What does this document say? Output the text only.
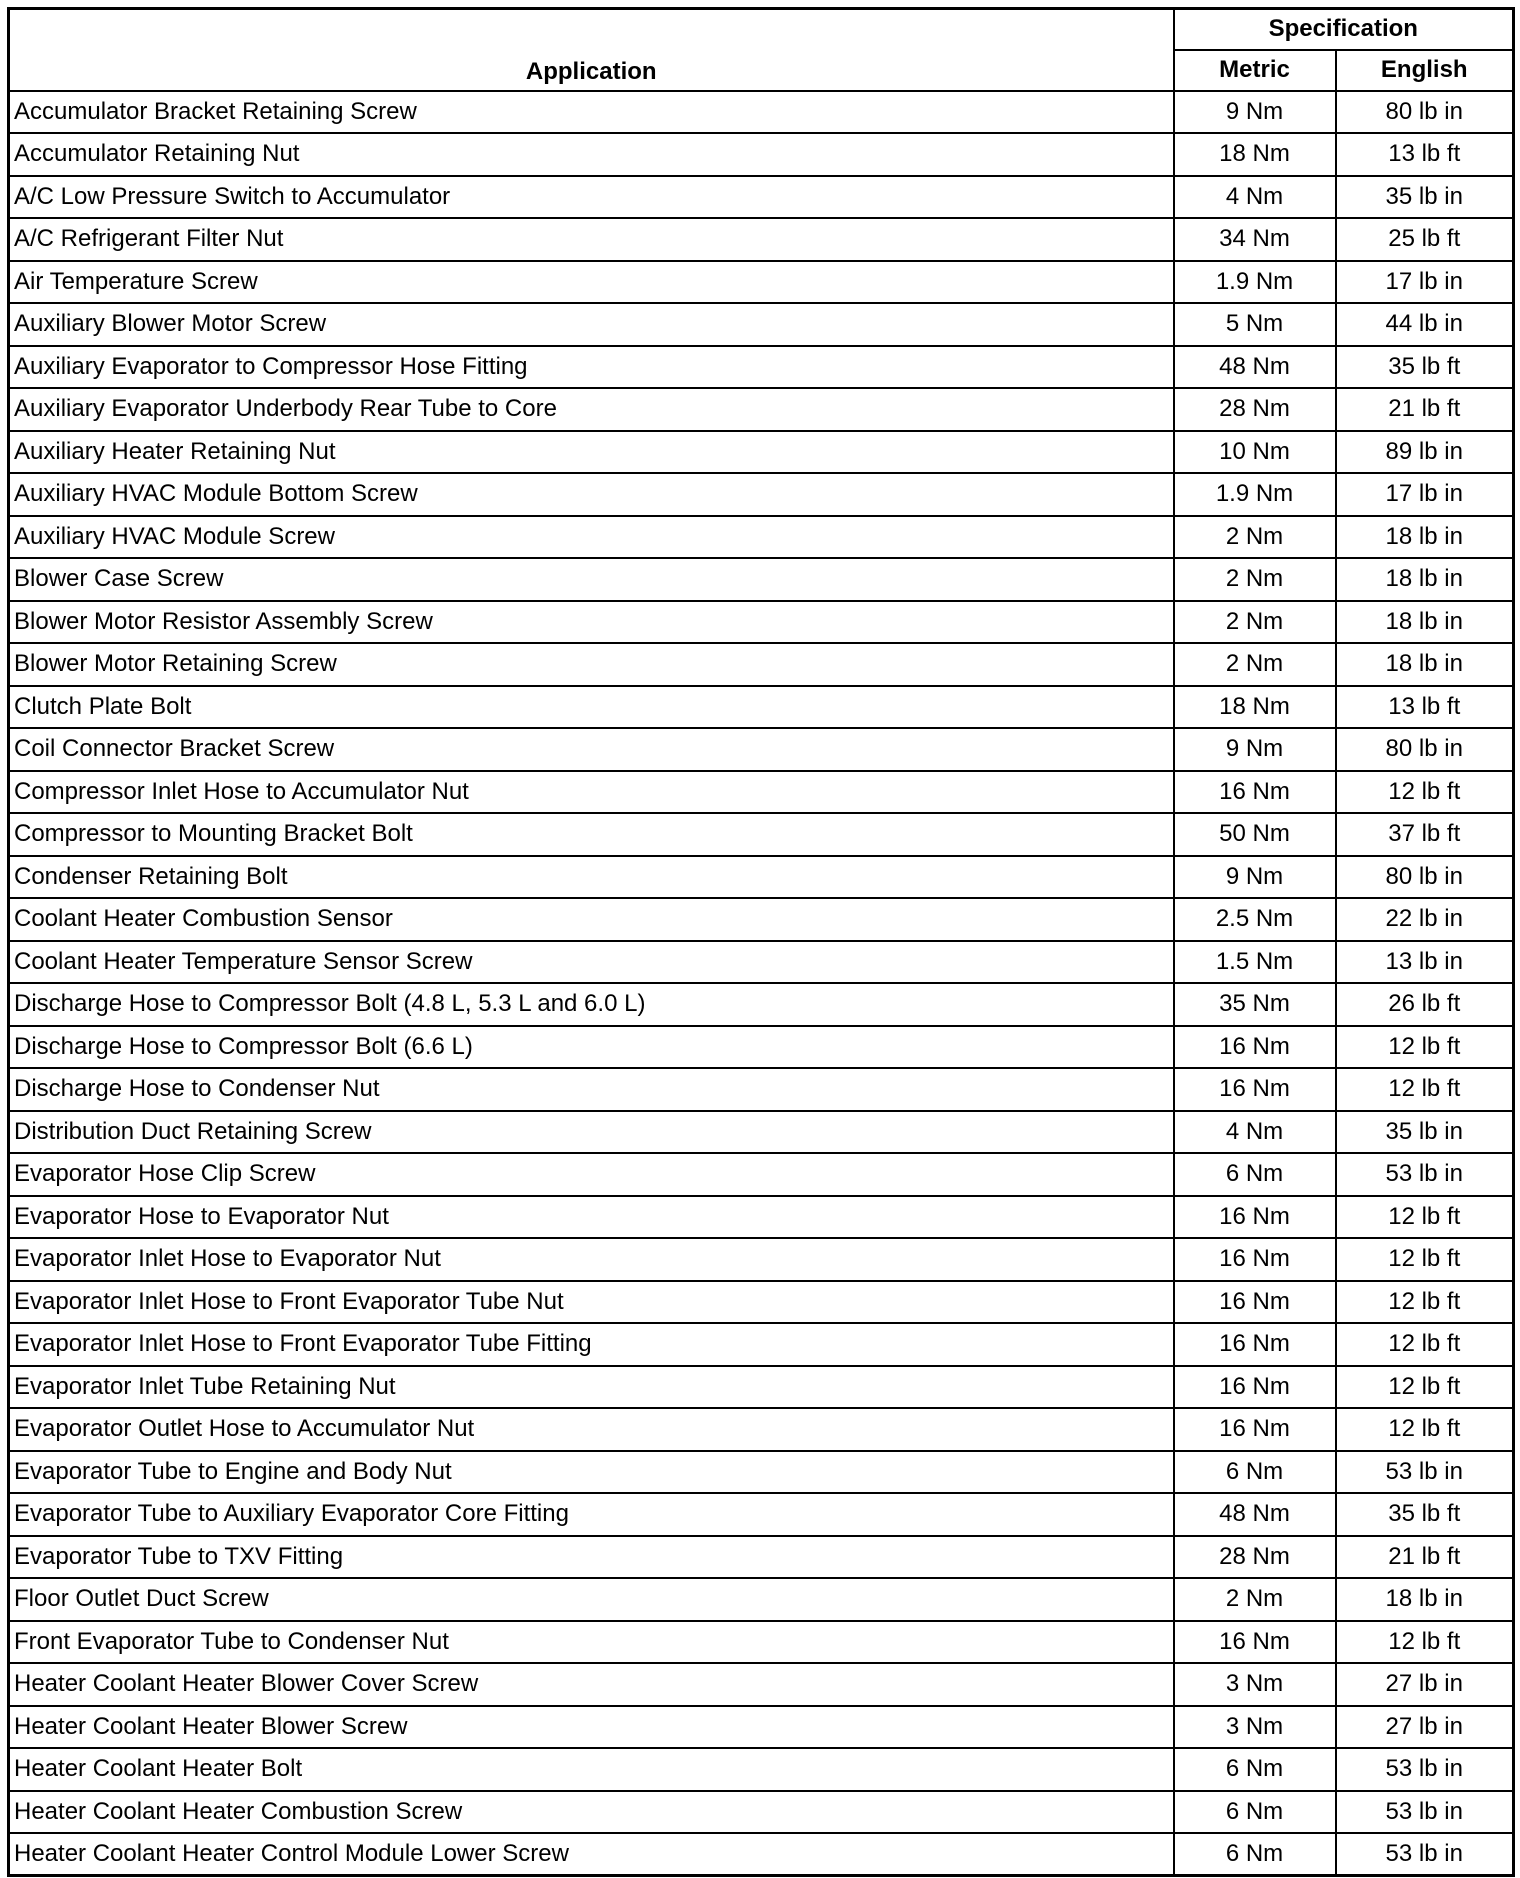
Application	Specification	
	Metric	English
Accumulator Bracket Retaining Screw	9 Nm	80 lb in
Accumulator Retaining Nut	18 Nm	13 lb ft
A/C Low Pressure Switch to Accumulator	4 Nm	35 lb in
A/C Refrigerant Filter Nut	34 Nm	25 lb ft
Air Temperature Screw	1.9 Nm	17 lb in
Auxiliary Blower Motor Screw	5 Nm	44 lb in
Auxiliary Evaporator to Compressor Hose Fitting	48 Nm	35 lb ft
Auxiliary Evaporator Underbody Rear Tube to Core	28 Nm	21 lb ft
Auxiliary Heater Retaining Nut	10 Nm	89 lb in
Auxiliary HVAC Module Bottom Screw	1.9 Nm	17 lb in
Auxiliary HVAC Module Screw	2 Nm	18 lb in
Blower Case Screw	2 Nm	18 lb in
Blower Motor Resistor Assembly Screw	2 Nm	18 lb in
Blower Motor Retaining Screw	2 Nm	18 lb in
Clutch Plate Bolt	18 Nm	13 lb ft
Coil Connector Bracket Screw	9 Nm	80 lb in
Compressor Inlet Hose to Accumulator Nut	16 Nm	12 lb ft
Compressor to Mounting Bracket Bolt	50 Nm	37 lb ft
Condenser Retaining Bolt	9 Nm	80 lb in
Coolant Heater Combustion Sensor	2.5 Nm	22 lb in
Coolant Heater Temperature Sensor Screw	1.5 Nm	13 lb in
Discharge Hose to Compressor Bolt (4.8 L, 5.3 L and 6.0 L)	35 Nm	26 lb ft
Discharge Hose to Compressor Bolt (6.6 L)	16 Nm	12 lb ft
Discharge Hose to Condenser Nut	16 Nm	12 lb ft
Distribution Duct Retaining Screw	4 Nm	35 lb in
Evaporator Hose Clip Screw	6 Nm	53 lb in
Evaporator Hose to Evaporator Nut	16 Nm	12 lb ft
Evaporator Inlet Hose to Evaporator Nut	16 Nm	12 lb ft
Evaporator Inlet Hose to Front Evaporator Tube Nut	16 Nm	12 lb ft
Evaporator Inlet Hose to Front Evaporator Tube Fitting	16 Nm	12 lb ft
Evaporator Inlet Tube Retaining Nut	16 Nm	12 lb ft
Evaporator Outlet Hose to Accumulator Nut	16 Nm	12 lb ft
Evaporator Tube to Engine and Body Nut	6 Nm	53 lb in
Evaporator Tube to Auxiliary Evaporator Core Fitting	48 Nm	35 lb ft
Evaporator Tube to TXV Fitting	28 Nm	21 lb ft
Floor Outlet Duct Screw	2 Nm	18 lb in
Front Evaporator Tube to Condenser Nut	16 Nm	12 lb ft
Heater Coolant Heater Blower Cover Screw	3 Nm	27 lb in
Heater Coolant Heater Blower Screw	3 Nm	27 lb in
Heater Coolant Heater Bolt	6 Nm	53 lb in
Heater Coolant Heater Combustion Screw	6 Nm	53 lb in
Heater Coolant Heater Control Module Lower Screw	6 Nm	53 lb in
